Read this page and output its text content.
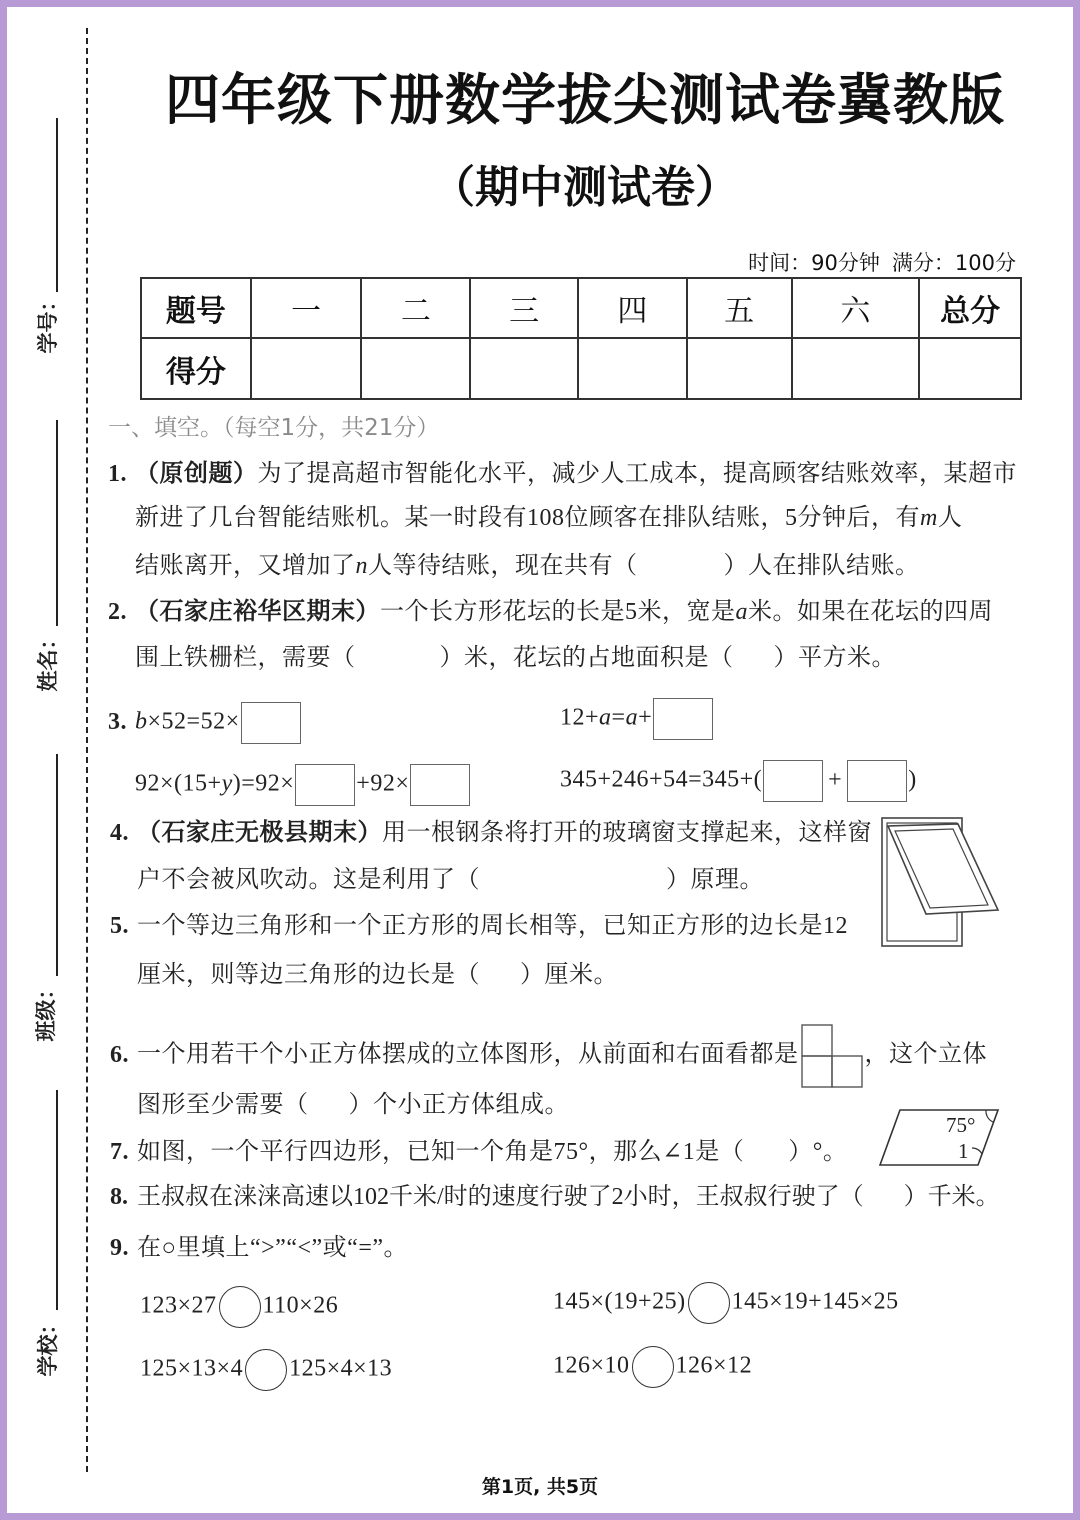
学号：
姓名：
班级：
学校：
四年级下册数学拔尖测试卷冀教版
（期中测试卷）
时间：90分钟 满分：100分
题号	一	二	三	四	五	六	总分
得分							
一、填空。（每空1分，共21分）
1. （原创题）为了提高超市智能化水平，减少人工成本，提高顾客结账效率，某超市
新进了几台智能结账机。某一时段有108位顾客在排队结账，5分钟后，有m人
结账离开，又增加了n人等待结账，现在共有（	）人在排队结账。
2. （石家庄裕华区期末）一个长方形花坛的长是5米，宽是a米。如果在花坛的四周
围上铁栅栏，需要（	）米，花坛的占地面积是（ ）平方米。
3. b×52=52×	12+a=a+
92×(15+y)=92×	+92×	345+246+54=345+(	+	)
4. （石家庄无极县期末）用一根钢条将打开的玻璃窗支撑起来，这样窗
户不会被风吹动。这是利用了（	）原理。
5. 一个等边三角形和一个正方形的周长相等，已知正方形的边长是12
厘米，则等边三角形的边长是（ ）厘米。
6. 一个用若干个小正方体摆成的立体图形，从前面和右面看都是	，这个立体
图形至少需要（ ）个小正方体组成。
7. 如图，一个平行四边形，已知一个角是75°，那么∠1是（ ）°。
75°
1
8. 王叔叔在涞涞高速以102千米/时的速度行驶了2小时，王叔叔行驶了（ ）千米。
9. 在○里填上“>”“<”或“=”。
123×27 110×26	145×(19+25) 145×19+145×25
125×13×4 125×4×13	126×10 126×12
第1页, 共5页
